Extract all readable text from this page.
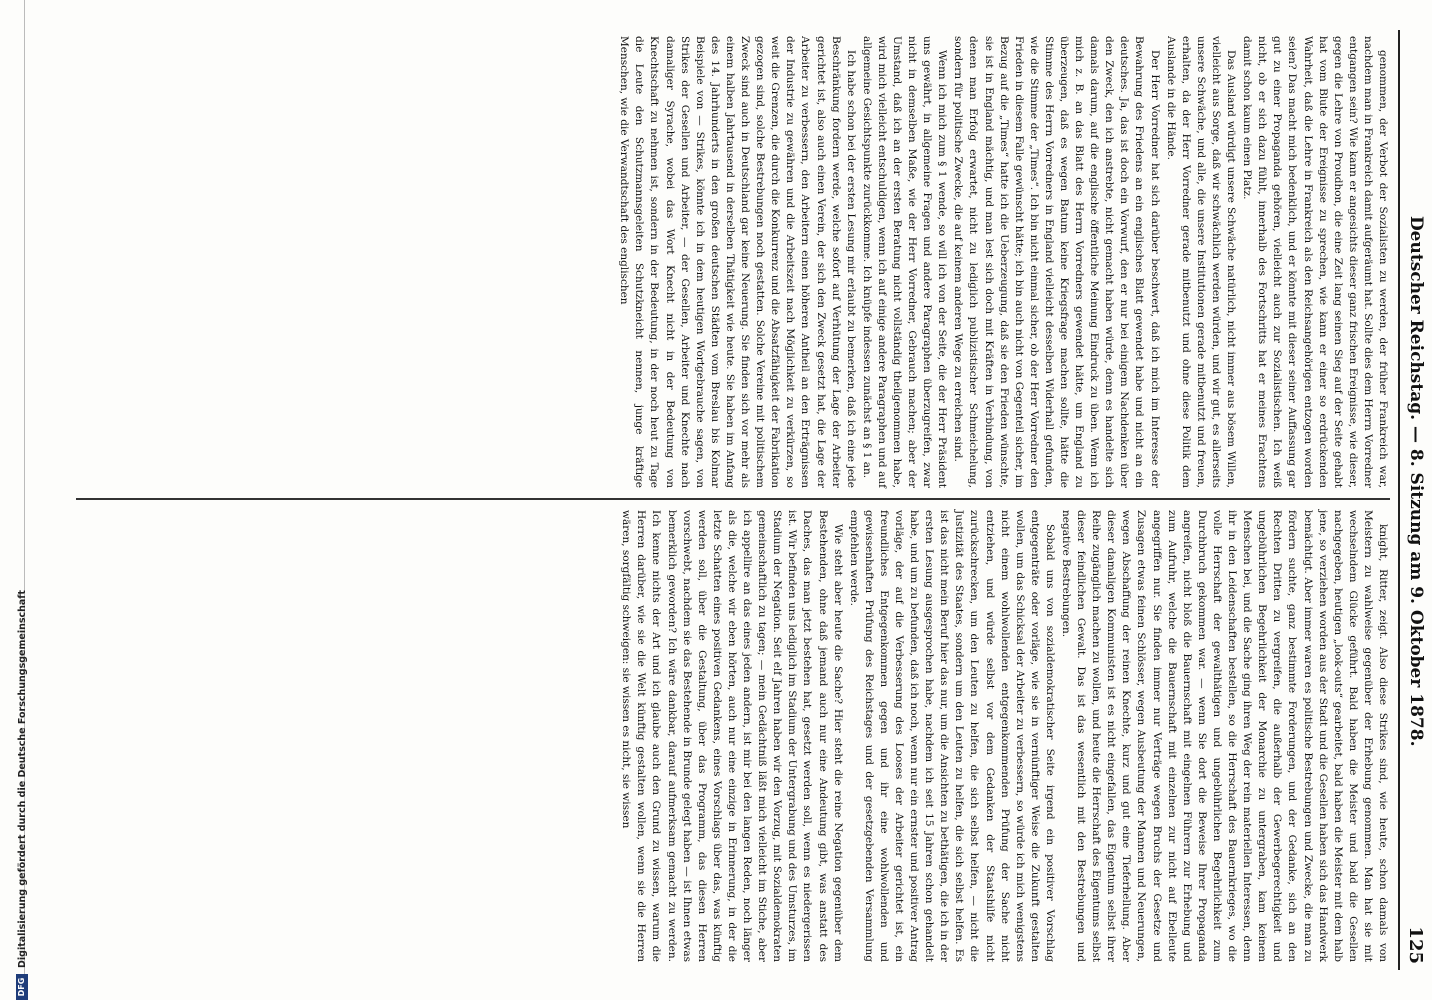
DFG
Digitalisierung gefördert durch die Deutsche Forschungsgemeinschaft
Deutscher Reichstag. — 8. Sitzung am 9. Oktober 1878.
125

genommen, der Verbot der Sozialisten zu werden, der früher Frankreich war, nachdem man in Frankreich damit aufgeräumt hat. Sollte dies dem Herrn Vorredner entgangen sein? Wie kann er angesichts dieser ganz frischen Ereignisse, wie dieser, gegen die Lehre von Proudhon, die eine Zeit lang seinen Sieg auf der Seite gehabt hat vom Blute der Ereignisse zu sprechen, wie kann er einer so erdrückenden Wahrheit, daß die Lehre in Frankreich als den Reichsangehörigen entzogen worden seien? Das macht mich bedenklich, und er könnte mit dieser seiner Auffassung gar gut zu einer Propaganda gehören, vielleicht auch zur Sozialistischen. Ich weiß nicht, ob er sich dazu fühlt, innerhalb des Fortschritts hat er meines Erachtens damit schon kaum einen Platz.

Das Ausland würdigt unsere Schwäche natürlich, nicht immer aus bösem Willen, vielleicht aus Sorge, daß wir schwächlich werden würden, und wir gut, es allerseits unsere Schwäche, und alle, die unsere Institutionen gerade mitbenutzt und freuen, erhalten, da der Herr Vorredner gerade mitbenutzt und ohne diese Politik dem Auslande in die Hände.

Der Herr Vorredner hat sich darüber beschwert, daß ich mich im Interesse der Bewahrung des Friedens an ein englisches Blatt gewendet habe und nicht an ein deutsches. Ja, das ist doch ein Vorwurf, den er nur bei einigem Nachdenken über den Zweck, den ich anstrebte, nicht gemacht haben würde, denn es handelte sich damals darum, auf die englische öffentliche Meinung Eindruck zu üben. Wenn ich mich z. B. an das Blatt des Herrn Vorredners gewendet hätte, um England zu überzeugen, daß es wegen Batum keine Kriegsfrage machen sollte, hätte die Stimme des Herrn Vorredners in England vielleicht desselben Widerhall gefunden, wie die Stimme der „Times“. Ich bin nicht einmal sicher, ob der Herr Vorredner den Frieden in diesem Falle gewünscht hätte; ich bin auch nicht von Gegenteil sicher, im Bezug auf die „Times“ hatte ich die Ueberzeugung, daß sie den Frieden wünschte, sie ist in England mächtig, und man lest sich doch mit Kräften in Verbindung, von denen man Erfolg erwartet, nicht zu lediglich publizistischer Schmeichelung, sondern für politische Zwecke, die auf keinem anderen Wege zu erreichen sind.

Wenn ich mich zum § 1 wende, so will ich von der Seite, die der Herr Präsident uns gewährt, in allgemeine Fragen und andere Paragraphen überzugreifen, zwar nicht in demselben Maße, wie der Herr Vorredner, Gebrauch machen; aber der Umstand, daß ich an der ersten Beratung nicht vollständig theilgenommen habe, wird mich vielleicht entschuldigen, wenn ich auf einige andere Paragraphen und auf allgemeine Gesichtspunkte zurückkomme. Ich knüpfe indessen zunächst an § 1 an.

Ich habe schon bei der ersten Lesung mir erlaubt zu bemerken, daß ich eine jede Beschränkung fordern werde, welche sofort auf Verhütung der Lage der Arbeiter gerichtet ist, also auch einen Verein, der sich den Zweck gesetzt hat, die Lage der Arbeiter zu verbessern, den Arbeitern einen höheren Antheil an den Erträgnissen der Industrie zu gewähren und die Arbeitszeit nach Möglichkeit zu verkürzen, so weit die Grenzen, die durch die Konkurrenz und die Absatzfähigkeit der Fabrikation gezogen sind, solche Bestrebungen noch gestatten. Solche Vereine mit politischem Zweck sind auch in Deutschland gar keine Neuerung. Sie finden sich vor mehr als einem halben Jahrtausend in derselben Thätigkeit wie heute. Sie haben im Anfang des 14. Jahrhunderts in den großen deutschen Städten vom Breslau bis Kolmar Beispiele von — Strikes, könnte ich in dem heutigen Wortgebrauche sagen, von Strikes der Gesellen und Arbeiter, — der Gesellen, Arbeiter und Knechte nach damaliger Syrache, wobei das Wort Knecht nicht in der Bedeutung von Knechtschaft zu nehmen ist, sondern in der Bedeutung, in der noch heut zu Tage die Leute den Schutzmannsgeleiten Schutzkneicht nennen, junge kräftige Menschen, wie die Verwandtschaft des englischen

knight, Ritter, zeigt. Also diese Strikes sind, wie heute, schon damals von Meistern zu wahlweise gegenüber der Erhebung genommen. Man hat sie mit wechselndem Glücke geführt. Bald haben die Meister und bald die Gesellen nachgegeben, heutigen „look-outs“ gearbeitet, bald haben die Meister mit dem halb jene, so verziehen worden aus der Stadt und die Gesellen haben sich das Handwerk bemächtigt. Aber immer waren es politische Bestrebungen und Zwecke, die man zu fördern suchte, ganz bestimmte Forderungen, und der Gedanke, sich an den Rechten Dritten zu vergreifen, die außerhalb der Gewerbegerechtigkeit und ungebührlichen Begehrlichkeit der Monarchie zu untergraben, kam keinem Menschen bei, und die Sache ging ihren Weg der rein materiellen Interessen, denn ihr in den Leidenschaften bestellen, so die Herrschaft des Bauernkrieges, wo die volle Herrschaft der gewalthätigen und ungebührlichen Begehrlichkeit zum Durchbruch gekommen war. — wenn Sie dort die Beweise Ihrer Propaganda angreifen, nicht bloß die Bauernschaft mit eingelnen Führern zur Erhebung und zum Aufruhr, welche die Bauernschaft mit einzelnen zur nicht auf Ebelleute angegriffen nur. Sie finden immer nur Verträge wegen Bruchs der Gesetze und Zusagen etwas feinen Schlösser, wegen Ausbeutung der Mannen und Neuerungen, wegen Abschaffung der reinen Knechte, kurz und gut eine Tieferhellung. Aber dieser damaligen Kommunisten ist es nicht eingefallen, das Eigentum selbst ihrer Reihe zugänglich machen zu wollen, und heute die Herrschaft des Eigentums selbst dieser feindlichen Gewalt. Das ist das wesentlich mit den Bestrebungen und negative Bestrebungen.

Sobald uns von sozialdemokratischer Seite irgend ein positiver Vorschlag entgegenträte oder vorläge, wie sie in vernünftiger Weise die Zukunft gestalten wollen, um das Schicksal der Arbeiter zu verbessern, so würde ich mich wenigstens nicht einem wohlwollenden entgegenkommenden Prüfung der Sache nicht entziehen, und würde selbst vor dem Gedanken der Staatshilfe nicht zurückschrecken, um den Leuten zu helfen, die sich selbst helfen, — nicht die Justizität des Staates, sondern um den Leuten zu helfen, die sich selbst helfen. Es ist das nicht mein Beruf hier das nur, um die Ansichten zu bethätigen, die ich in der ersten Lesung ausgesprochen habe, nachdem ich seit 15 Jahren schon gehandelt habe, und um zu befunden, daß ich noch, wenn nur ein ernster und positiver Antrag vorläge, der auf die Verbesserung des Looses der Arbeiter gerichtet ist, ein freundliches Entgegenkommen gegen und ihr eine wohlwollenden und gewissenhaften Prüfung des Reichstages und der gesetzgebenden Versammlung empfehlen werde.

Wie steht aber heute die Sache? Hier steht die reine Negation gegenüber dem Bestehenden, ohne daß jemand auch nur eine Andeutung gibt, was anstatt des Daches, das man jetzt bestehen hat, gesetzt werden soll, wenn es niedergerissen ist. Wir befinden uns lediglich im Stadium der Untergrabung und des Umsturzes, im Stadium der Negation. Seit elf Jahren haben wir den Vorzug, mit Sozialdemokraten gemeinschaftlich zu tagen; — mein Gedächtniß läßt mich vielleicht im Stiche, aber ich appellire an das eines jeden andern, ist mir bei den langen Reden, noch länger als die, welche wir eben hörten, auch nur eine einzige in Erinnerung, in der die letzte Schatten eines positiven Gedankens, eines Vorschlags über das, was künftig werden soll, über die Gestaltung, über das Programm, das diesen Herren vorschwebt, nachdem sie das Bestehende in Brunde gelegt haben — ist Ihnen etwas bemerklich geworden? Ich wäre dankbar, darauf aufmerksam gemacht zu werden. Ich kenne nichts der Art und ich glaube auch den Grund zu wissen, warum die Herren darüber, wie sie die Welt künftig gestalten wollen, wenn sie die Herren wären, sorgfältig schweigen: sie wissen es nicht, sie wissen
